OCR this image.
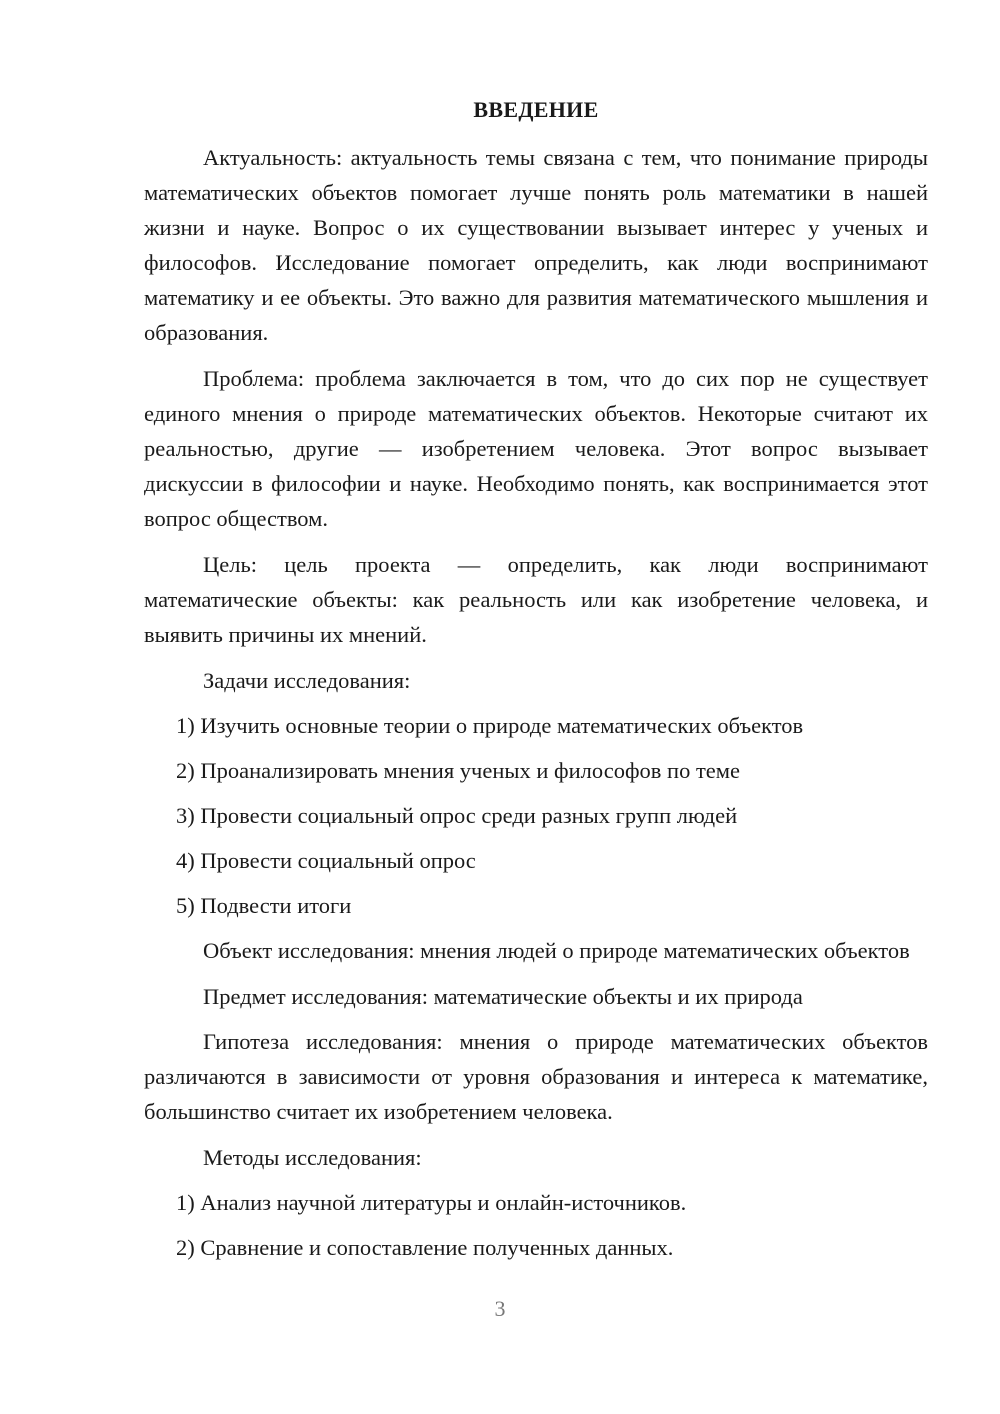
ВВЕДЕНИЕ

Актуальность: актуальность темы связана с тем, что понимание природы математических объектов помогает лучше понять роль математики в нашей жизни и науке. Вопрос о их существовании вызывает интерес у ученых и философов. Исследование помогает определить, как люди воспринимают математику и ее объекты. Это важно для развития математического мышления и образования.

Проблема: проблема заключается в том, что до сих пор не существует единого мнения о природе математических объектов. Некоторые считают их реальностью, другие — изобретением человека. Этот вопрос вызывает дискуссии в философии и науке. Необходимо понять, как воспринимается этот вопрос обществом.

Цель: цель проекта — определить, как люди воспринимают математические объекты: как реальность или как изобретение человека, и выявить причины их мнений.

Задачи исследования:

1) Изучить основные теории о природе математических объектов

2) Проанализировать мнения ученых и философов по теме

3) Провести социальный опрос среди разных групп людей

4) Провести социальный опрос

5) Подвести итоги

Объект исследования: мнения людей о природе математических объектов

Предмет исследования: математические объекты и их природа

Гипотеза исследования: мнения о природе математических объектов различаются в зависимости от уровня образования и интереса к математике, большинство считает их изобретением человека.

Методы исследования:

1) Анализ научной литературы и онлайн-источников.

2) Сравнение и сопоставление полученных данных.

3
